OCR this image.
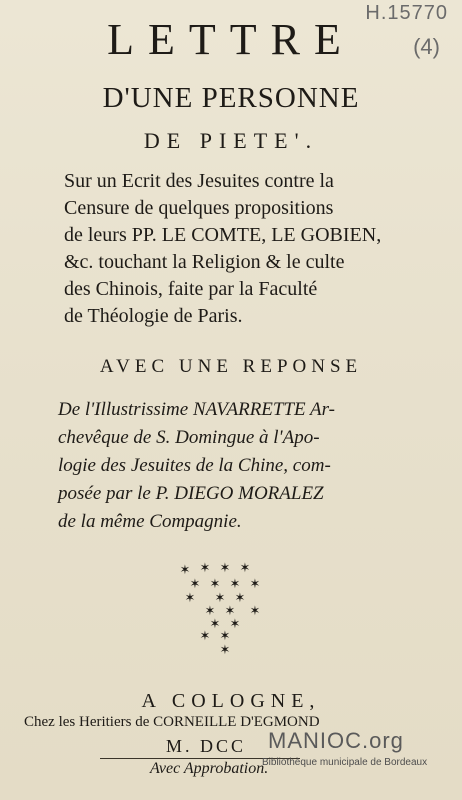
H.15770
(4)
LETTRE
D'UNE PERSONNE
DE PIETE'.
Sur un Ecrit des Jesuites contre la
Censure de quelques propositions
de leurs PP. LE COMTE, LE GOBIEN,
&c. touchant la Religion & le culte
des Chinois, faite par la Faculté
de Théologie de Paris.
AVEC UNE REPONSE
De l'Illustrissime NAVARRETTE Ar-
chevêque de S. Domingue à l'Apo-
logie des Jesuites de la Chine, com-
posée par le P. DIEGO MORALEZ
de la même Compagnie.
✶ ✶ ✶ ✶
✶ ✶ ✶ ✶
✶ ✶ ✶
✶ ✶ ✶
✶ ✶
✶ ✶
✶
A COLOGNE,
Chez les Heritiers de CORNEILLE D'EGMOND
M. DCC
Avec Approbation.
MANIOC.org
Bibliothèque municipale de Bordeaux
